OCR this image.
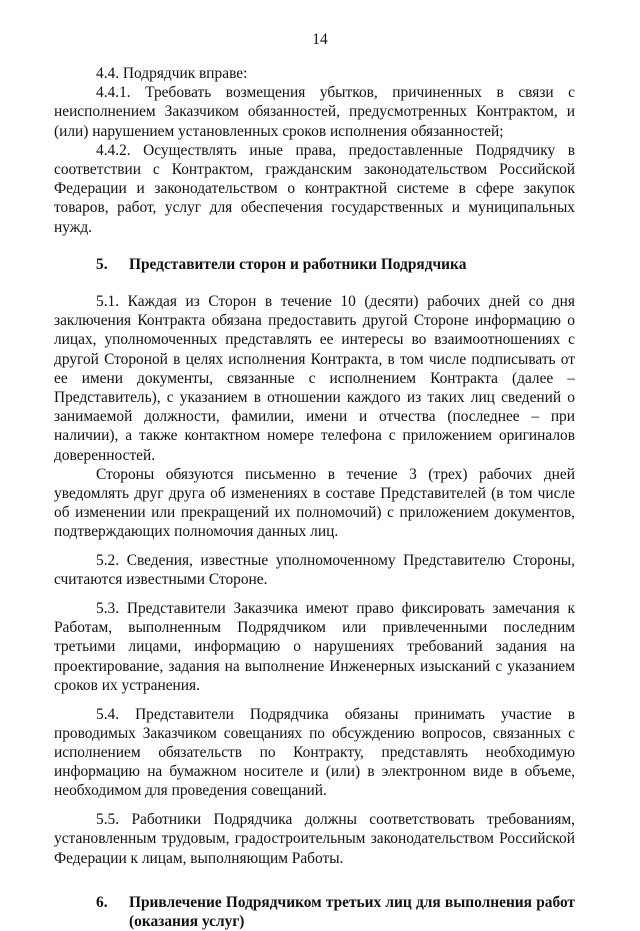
14

4.4. Подрядчик вправе:

4.4.1. Требовать возмещения убытков, причиненных в связи с неисполнением Заказчиком обязанностей, предусмотренных Контрактом, и (или) нарушением установленных сроков исполнения обязанностей;

4.4.2. Осуществлять иные права, предоставленные Подрядчику в соответствии с Контрактом, гражданским законодательством Российской Федерации и законодательством о контрактной системе в сфере закупок товаров, работ, услуг для обеспечения государственных и муниципальных нужд.

5.	Представители сторон и работники Подрядчика

5.1. Каждая из Сторон в течение 10 (десяти) рабочих дней со дня заключения Контракта обязана предоставить другой Стороне информацию о лицах, уполномоченных представлять ее интересы во взаимоотношениях с другой Стороной в целях исполнения Контракта, в том числе подписывать от ее имени документы, связанные с исполнением Контракта (далее – Представитель), с указанием в отношении каждого из таких лиц сведений о занимаемой должности, фамилии, имени и отчества (последнее – при наличии), а также контактном номере телефона с приложением оригиналов доверенностей.

Стороны обязуются письменно в течение 3 (трех) рабочих дней уведомлять друг друга об изменениях в составе Представителей (в том числе об изменении или прекращений их полномочий) с приложением документов, подтверждающих полномочия данных лиц.

5.2. Сведения, известные уполномоченному Представителю Стороны, считаются известными Стороне.

5.3. Представители Заказчика имеют право фиксировать замечания к Работам, выполненным Подрядчиком или привлеченными последним третьими лицами, информацию о нарушениях требований задания на проектирование, задания на выполнение Инженерных изысканий с указанием сроков их устранения.

5.4. Представители Подрядчика обязаны принимать участие в проводимых Заказчиком совещаниях по обсуждению вопросов, связанных с исполнением обязательств по Контракту, представлять необходимую информацию на бумажном носителе и (или) в электронном виде в объеме, необходимом для проведения совещаний.

5.5. Работники Подрядчика должны соответствовать требованиям, установленным трудовым, градостроительным законодательством Российской Федерации к лицам, выполняющим Работы.

6.	Привлечение Подрядчиком третьих лиц для выполнения работ (оказания услуг)
